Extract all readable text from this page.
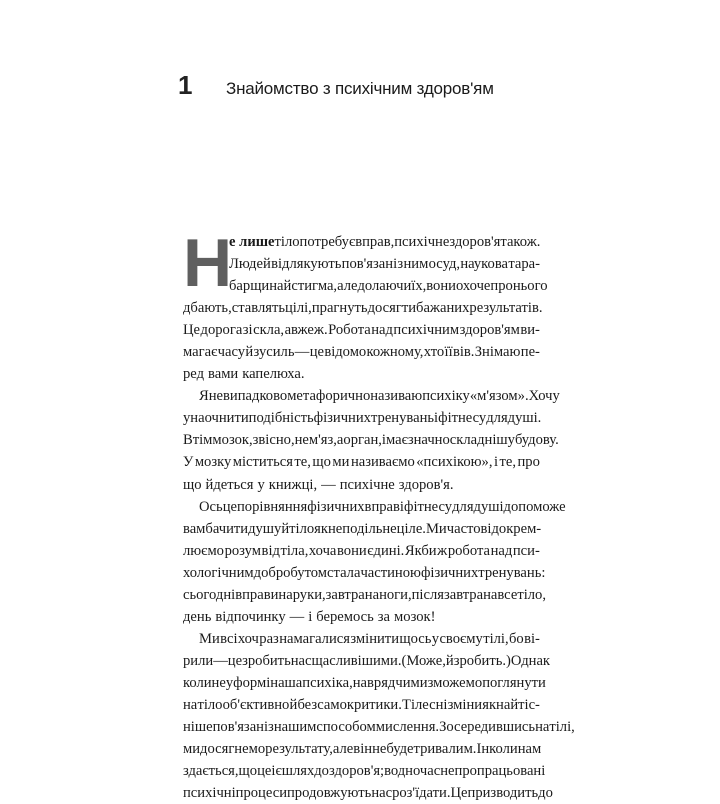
1	Знайомство з психічним здоров'ям
Н
е лише тіло потребує вправ, психічне здоров'я також.
Людей відлякують пов'язані з ним осуд, наукова тара-
барщина й стигма, але долаючи їх, вони охоче про нього
дбають, ставлять цілі, прагнуть досягти бажаних результатів.
Це дорога зі скла, авжеж. Робота над психічним здоров'ям ви-
магає часу й зусиль — це відомо кожному, хто її вів. Знімаю пе-
ред вами капелюха.
Я не випадково метафорично називаю психіку «м'язом». Хочу
унаочнити подібність фізичних тренувань і фітнесу для душі.
Втім мозок, звісно, не м'яз, а орган, і має значно складнішу будову.
У мозку міститься те, що ми називаємо «психікою», і те, про
що йдеться у книжці, — психічне здоров'я.
Ось це порівняння фізичних вправ і фітнесу для душі допоможе
вам бачити душу й тіло як неподільне ціле. Ми часто відокрем-
люємо розум від тіла, хоча вони єдині. Якби ж робота над пси-
хологічним добробутом стала частиною фізичних тренувань:
сьогодні вправи на руки, завтра на ноги, післязавтра на все тіло,
день відпочинку — і беремось за мозок!
Ми всі хоч раз намагалися змінити щось у своєму тілі, бо ві-
рили — це зробить нас щасливішими. (Може, й зробить.) Однак
коли не у формі наша психіка, навряд чи ми зможемо поглянути
на тіло об'єктивно й без самокритики. Тілесні зміни якнайтіс-
ніше пов'язані з нашим способом мислення. Зосередившись на тілі,
ми досягнемо результату, але він не буде тривалим. Інколи нам
здається, що це і є шлях до здоров'я; водночас непропрацьовані
психічні процеси продовжують нас роз'їдати. Це призводить до
